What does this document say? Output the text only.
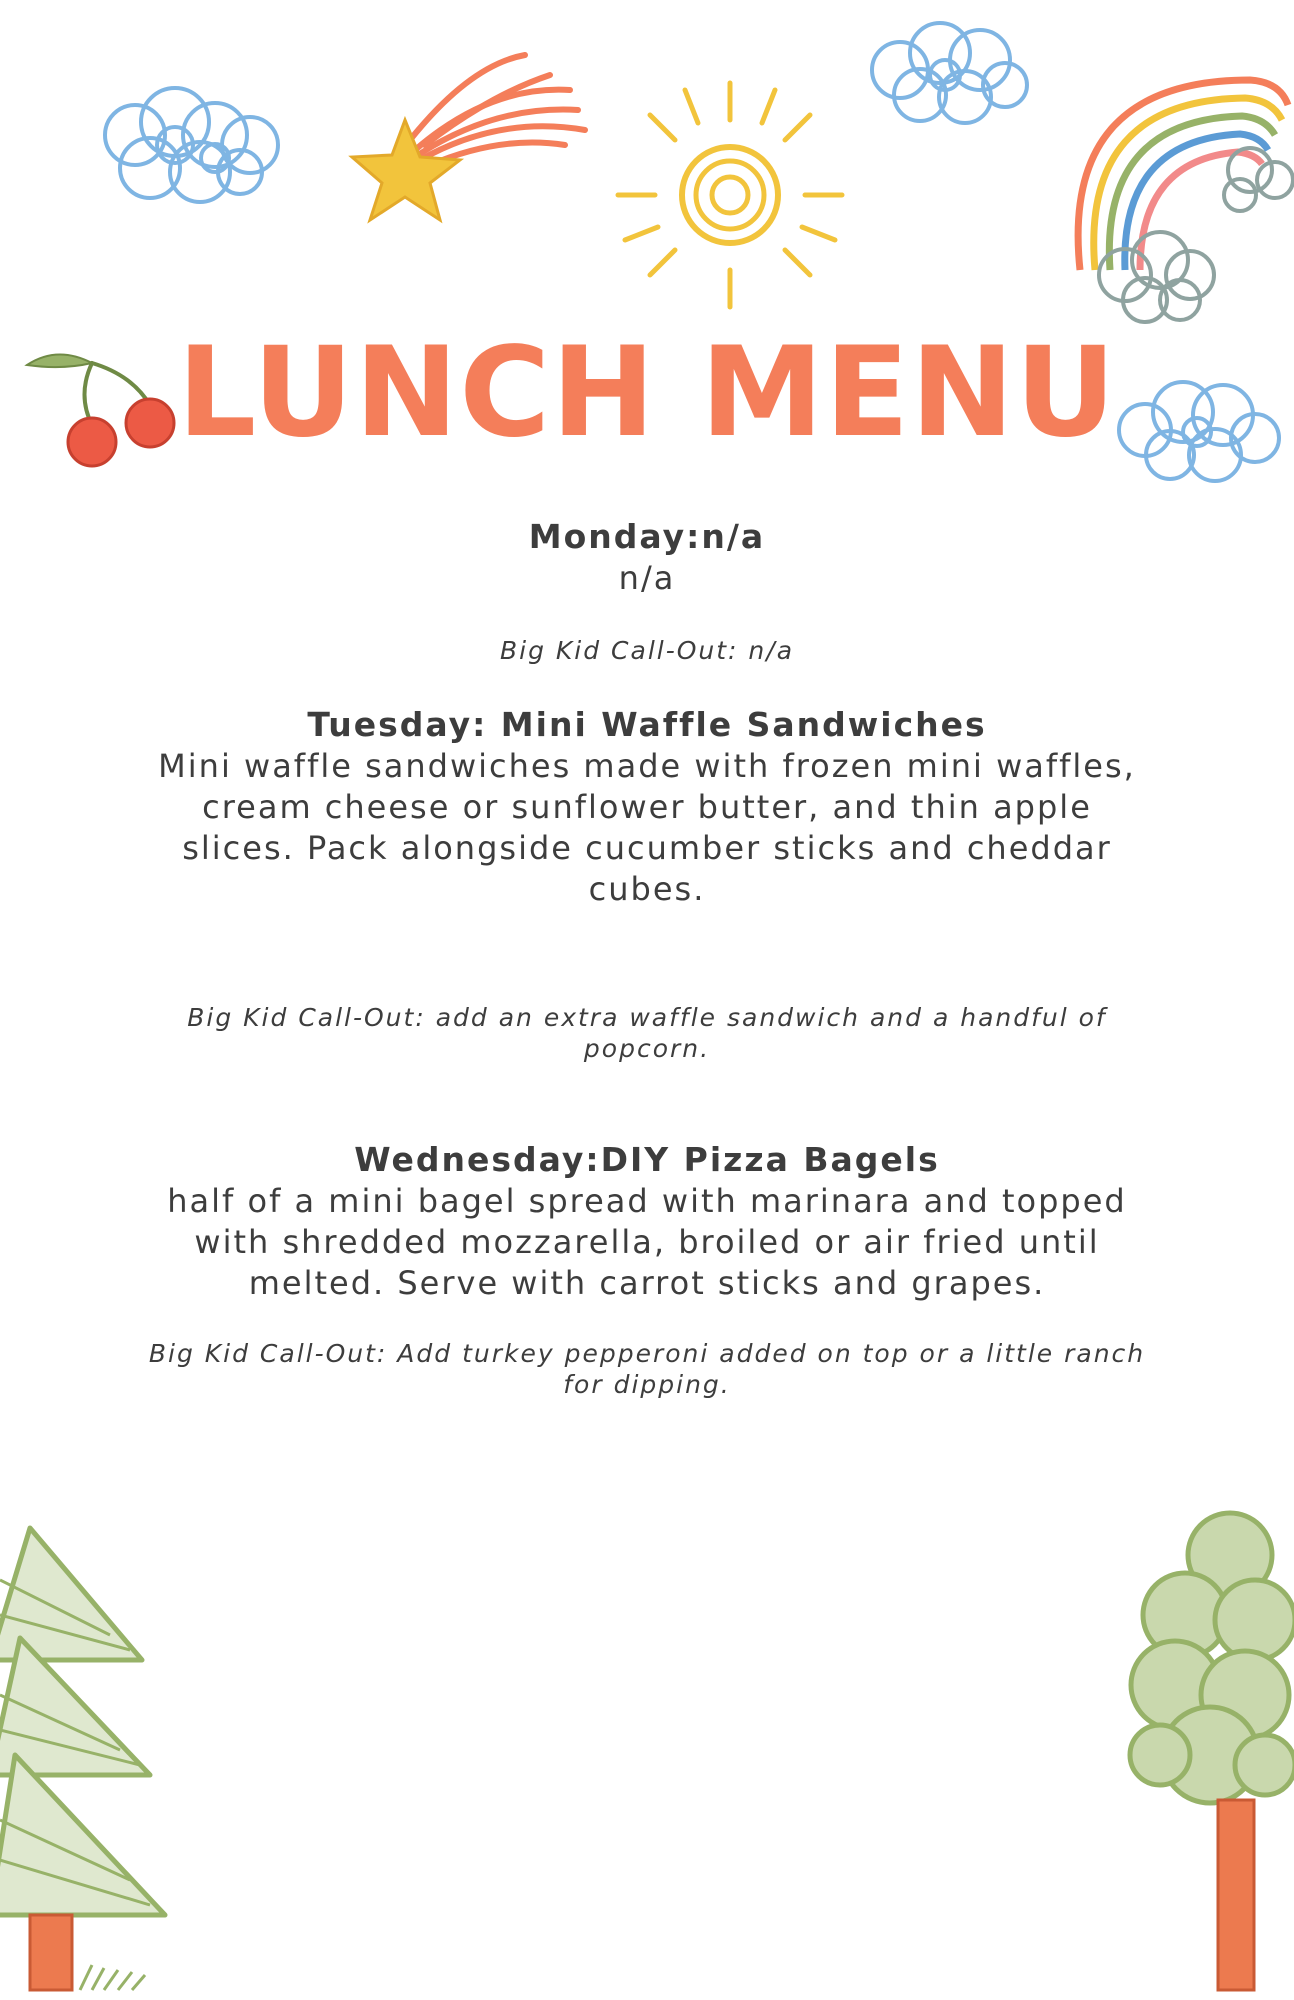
LUNCH MENU
Monday:n/a

n/a

Big Kid Call-Out: n/a

Tuesday: Mini Waffle Sandwiches

Mini waffle sandwiches made with frozen mini waffles, cream cheese or sunflower butter, and thin apple slices. Pack alongside cucumber sticks and cheddar cubes.

Big Kid Call-Out: add an extra waffle sandwich and a handful of popcorn.

Wednesday:DIY Pizza Bagels

half of a mini bagel spread with marinara and topped with shredded mozzarella, broiled or air fried until melted. Serve with carrot sticks and grapes.

Big Kid Call-Out: Add turkey pepperoni added on top or a little ranch for dipping.
